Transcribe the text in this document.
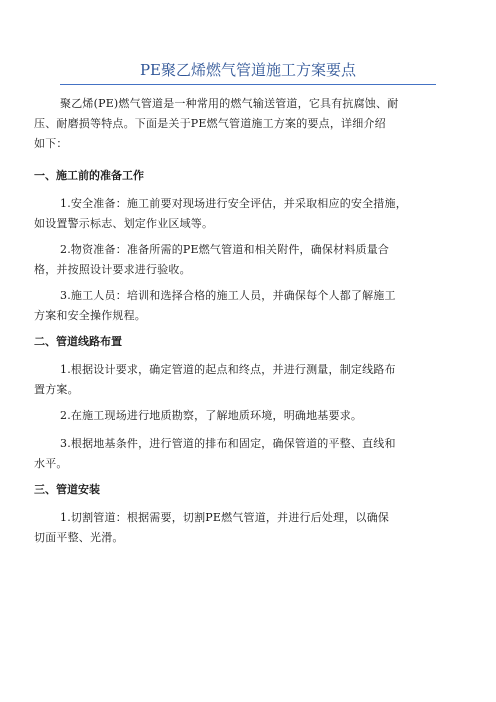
PE聚乙烯燃气管道施工方案要点
聚乙烯(PE)燃气管道是一种常用的燃气输送管道，它具有抗腐蚀、耐
压、耐磨损等特点。下面是关于PE燃气管道施工方案的要点，详细介绍
如下：
一、施工前的准备工作
1.安全准备：施工前要对现场进行安全评估，并采取相应的安全措施，
如设置警示标志、划定作业区域等。
2.物资准备：准备所需的PE燃气管道和相关附件，确保材料质量合
格，并按照设计要求进行验收。
3.施工人员：培训和选择合格的施工人员，并确保每个人都了解施工
方案和安全操作规程。
二、管道线路布置
1.根据设计要求，确定管道的起点和终点，并进行测量，制定线路布
置方案。
2.在施工现场进行地质勘察，了解地质环境，明确地基要求。
3.根据地基条件，进行管道的排布和固定，确保管道的平整、直线和
水平。
三、管道安装
1.切割管道：根据需要，切割PE燃气管道，并进行后处理，以确保
切面平整、光滑。
